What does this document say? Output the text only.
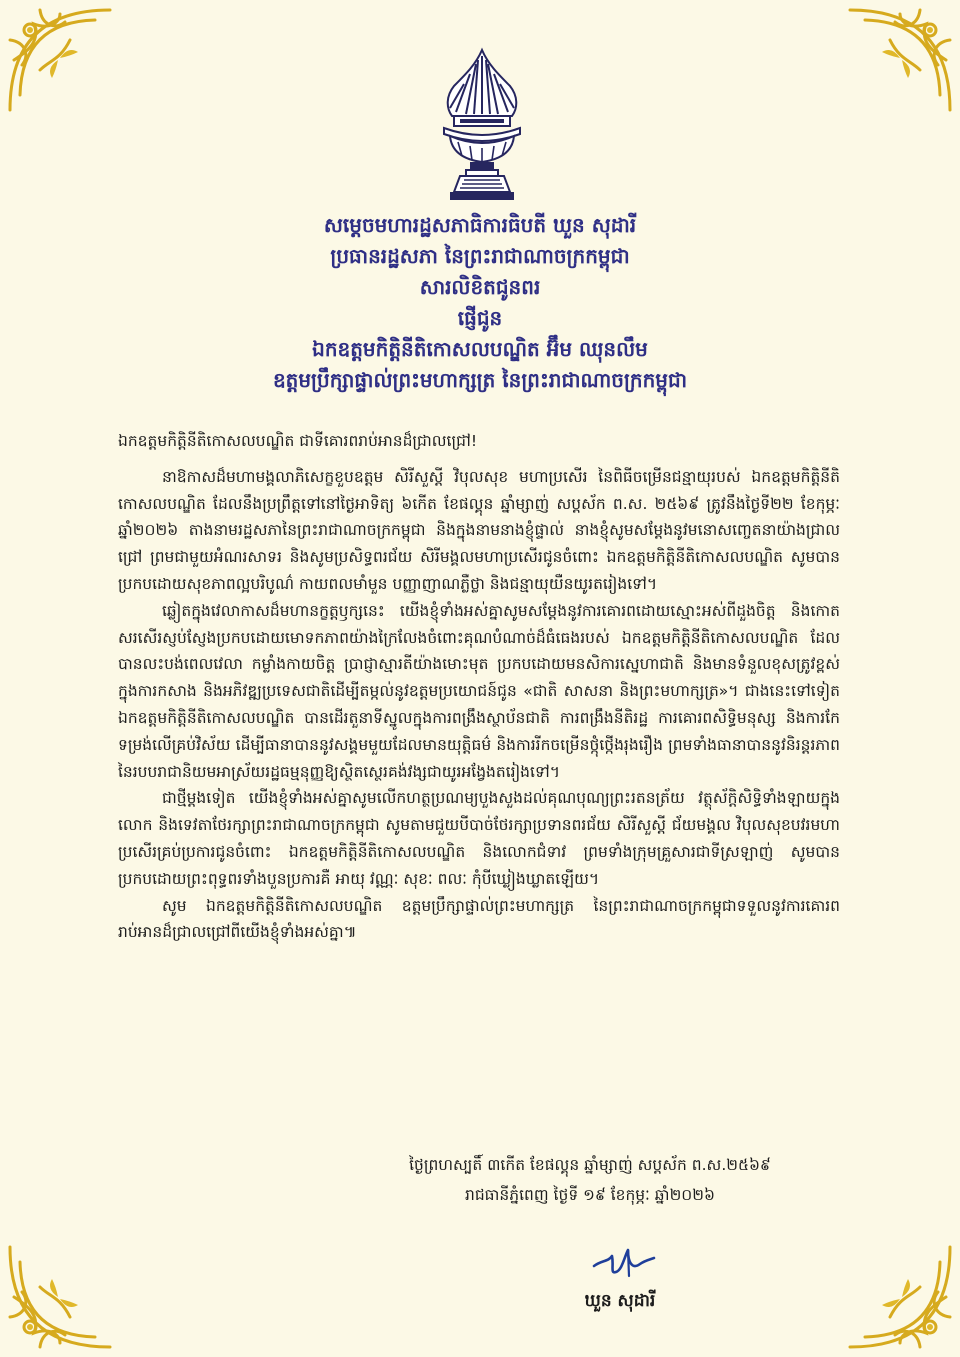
សម្ដេចមហារដ្ឋសភាធិការធិបតី ឃួន សុដារី
ប្រធានរដ្ឋសភា នៃព្រះរាជាណាចក្រកម្ពុជា
សារលិខិតជូនពរ
ផ្ញើជូន
ឯកឧត្ដមកិត្តិនីតិកោសលបណ្ឌិត អ៊ឹម ឈុនលឹម
ឧត្ដមប្រឹក្សាផ្ទាល់ព្រះមហាក្សត្រ នៃព្រះរាជាណាចក្រកម្ពុជា

ឯកឧត្ដមកិត្តិនីតិកោសលបណ្ឌិត ជាទីគោរពរាប់អានដ៏ជ្រាលជ្រៅ!

នាឱកាសដ៏មហាមង្គលាភិសេក្ខខួបឧត្ដម សិរីសួស្ដី វិបុលសុខ មហាប្រសើរ នៃពិធីចម្រើនជន្មាយុរបស់ ឯកឧត្ដមកិត្តិនីតិកោសលបណ្ឌិត ដែលនឹងប្រព្រឹត្តទៅនៅថ្ងៃអាទិត្យ ៦កើត ខែផល្គុន ឆ្នាំម្សាញ់ សប្តស័ក ព.ស. ២៥៦៩ ត្រូវនឹងថ្ងៃទី២២ ខែកុម្ភៈ ឆ្នាំ២០២៦ តាងនាមរដ្ឋសភានៃព្រះរាជាណាចក្រកម្ពុជា និងក្នុងនាមនាងខ្ញុំផ្ទាល់ នាងខ្ញុំសូមសម្ដែងនូវមនោសញ្ចេតនាយ៉ាងជ្រាលជ្រៅ ព្រមជាមួយអំណរសាទរ និងសូមប្រសិទ្ធពរជ័យ សិរីមង្គលមហាប្រសើរជូនចំពោះ ឯកឧត្ដមកិត្តិនីតិកោសលបណ្ឌិត សូមបានប្រកបដោយសុខភាពល្អបរិបូណ៌ កាយពលមាំមួន បញ្ញាញាណភ្លឺថ្លា និងជន្មាយុយឺនយូរតរៀងទៅ។

ឆ្លៀតក្នុងវេលាកាសដ៏មហានក្ខត្តឫក្សនេះ យើងខ្ញុំទាំងអស់គ្នាសូមសម្ដែងនូវការគោរពដោយស្មោះអស់ពីដួងចិត្ត និងកោតសរសើរស្ញប់ស្ញែងប្រកបដោយមោទកភាពយ៉ាងក្រៃលែងចំពោះគុណបំណាច់ដ៏ធំធេងរបស់ ឯកឧត្ដមកិត្តិនីតិកោសលបណ្ឌិត ដែលបានលះបង់ពេលវេលា កម្លាំងកាយចិត្ត ប្រាជ្ញាស្មារតីយ៉ាងមោះមុត ប្រកបដោយមនសិការស្នេហាជាតិ និងមានទំនួលខុសត្រូវខ្ពស់ក្នុងការកសាង និងអភិវឌ្ឍប្រទេសជាតិដើម្បីតម្កល់នូវឧត្ដមប្រយោជន៍ជូន «ជាតិ សាសនា និងព្រះមហាក្សត្រ»។ ជាងនេះទៅទៀត ឯកឧត្ដមកិត្តិនីតិកោសលបណ្ឌិត បានដើរតួនាទីស្នូលក្នុងការពង្រឹងស្ថាប័នជាតិ ការពង្រឹងនីតិរដ្ឋ ការគោរពសិទ្ធិមនុស្ស និងការកែទម្រង់លើគ្រប់វិស័យ ដើម្បីធានាបាននូវសង្គមមួយដែលមានយុត្តិធម៌ និងការរីកចម្រើនថ្កុំថ្កើងរុងរឿង ព្រមទាំងធានាបាននូវនិរន្តរភាពនៃរបបរាជានិយមអាស្រ័យរដ្ឋធម្មនុញ្ញឱ្យស្ថិតស្ថេរគង់វង្សជាយូរអង្វែងតរៀងទៅ។

ជាថ្មីម្ដងទៀត យើងខ្ញុំទាំងអស់គ្នាសូមលើកហត្ថប្រណម្យបួងសួងដល់គុណបុណ្យព្រះរតនត្រ័យ វត្ថុស័ក្តិសិទ្ធិទាំងឡាយក្នុងលោក និងទេវតាថែរក្សាព្រះរាជាណាចក្រកម្ពុជា សូមតាមជួយបីបាច់ថែរក្សាប្រទានពរជ័យ សិរីសួស្ដី ជ័យមង្គល វិបុលសុខបវរមហាប្រសើរគ្រប់ប្រការជូនចំពោះ ឯកឧត្ដមកិត្តិនីតិកោសលបណ្ឌិត និងលោកជំទាវ ព្រមទាំងក្រុមគ្រួសារជាទីស្រឡាញ់ សូមបានប្រកបដោយព្រះពុទ្ធពរទាំងបួនប្រការគឺ អាយុ វណ្ណៈ សុខៈ ពលៈ កុំបីឃ្លៀងឃ្លាតឡើយ។

សូម ឯកឧត្ដមកិត្តិនីតិកោសលបណ្ឌិត ឧត្ដមប្រឹក្សាផ្ទាល់ព្រះមហាក្សត្រ នៃព្រះរាជាណាចក្រកម្ពុជាទទួលនូវការគោរពរាប់អានដ៏ជ្រាលជ្រៅពីយើងខ្ញុំទាំងអស់គ្នា៕

ថ្ងៃព្រហស្បតិ៍ ៣កើត ខែផល្គុន ឆ្នាំម្សាញ់ សប្តស័ក ព.ស.២៥៦៩
រាជធានីភ្នំពេញ ថ្ងៃទី ១៩ ខែកុម្ភៈ ឆ្នាំ២០២៦
ឃួន សុដារី
